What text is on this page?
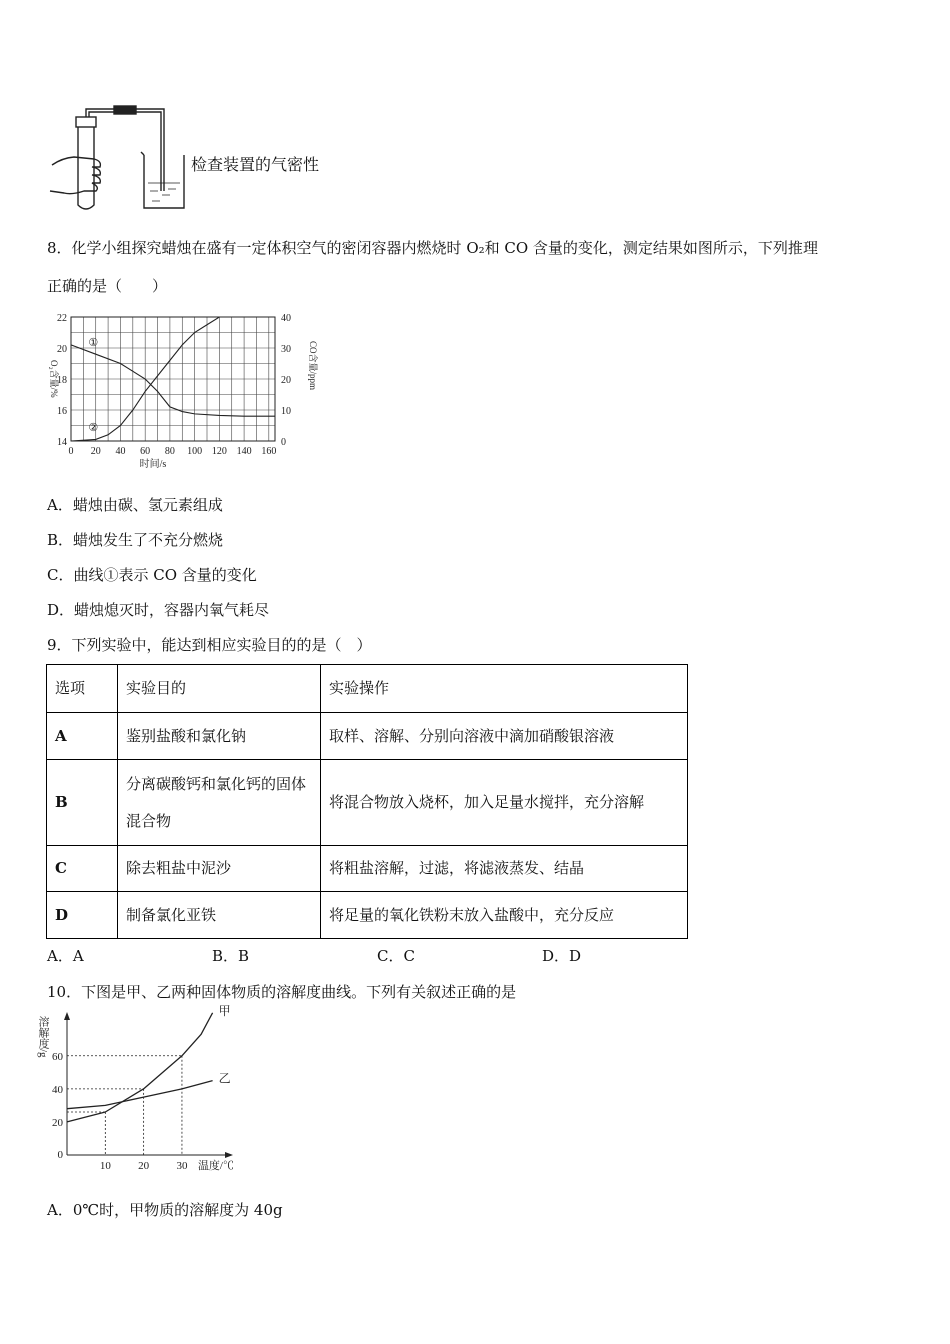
检查装置的气密性
8．化学小组探究蜡烛在盛有一定体积空气的密闭容器内燃烧时 O₂和 CO 含量的变化，测定结果如图所示，下列推理
正确的是（　　）
0 20 40 60 80 100 120 140 160
14
16
18
20
22
0
10
20
30
40
时间/s
O₂含量/%	CO含量/ppm
①
②
A．蜡烛由碳、氢元素组成
B．蜡烛发生了不充分燃烧
C．曲线①表示 CO 含量的变化
D．蜡烛熄灭时，容器内氧气耗尽
9．下列实验中，能达到相应实验目的的是（　）
选项	实验目的	实验操作
A	鉴别盐酸和氯化钠	取样、溶解、分别向溶液中滴加硝酸银溶液
B	分离碳酸钙和氯化钙的固体混合物	将混合物放入烧杯，加入足量水搅拌，充分溶解
C	除去粗盐中泥沙	将粗盐溶解，过滤，将滤液蒸发、结晶
D	制备氯化亚铁	将足量的氧化铁粉末放入盐酸中，充分反应
A．A	B．B	C．C	D．D
10．下图是甲、乙两种固体物质的溶解度曲线。下列有关叙述正确的是
0
20
40
60
10 20 30 温度/℃
溶解度/g
甲
乙
A．0℃时，甲物质的溶解度为 40g
